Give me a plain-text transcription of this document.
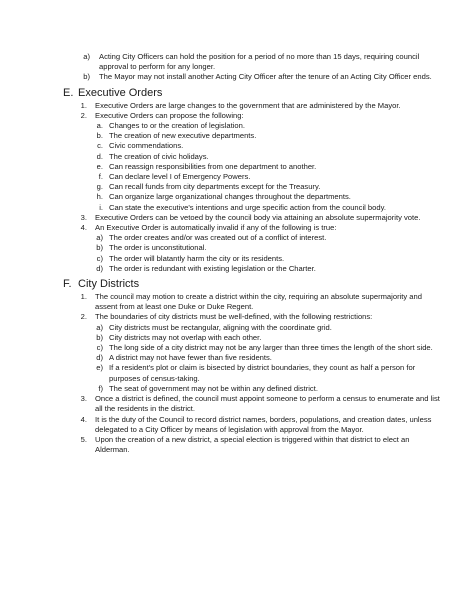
a) Acting City Officers can hold the position for a period of no more than 15 days, requiring council approval to perform for any longer.
b) The Mayor may not install another Acting City Officer after the tenure of an Acting City Officer ends.
E. Executive Orders
1. Executive Orders are large changes to the government that are administered by the Mayor.
2. Executive Orders can propose the following:
a. Changes to or the creation of legislation.
b. The creation of new executive departments.
c. Civic commendations.
d. The creation of civic holidays.
e. Can reassign responsibilities from one department to another.
f. Can declare level I of Emergency Powers.
g. Can recall funds from city departments except for the Treasury.
h. Can organize large organizational changes throughout the departments.
i. Can state the executive's intentions and urge specific action from the council body.
3. Executive Orders can be vetoed by the council body via attaining an absolute supermajority vote.
4. An Executive Order is automatically invalid if any of the following is true:
a) The order creates and/or was created out of a conflict of interest.
b) The order is unconstitutional.
c) The order will blatantly harm the city or its residents.
d) The order is redundant with existing legislation or the Charter.
F. City Districts
1. The council may motion to create a district within the city, requiring an absolute supermajority and assent from at least one Duke or Duke Regent.
2. The boundaries of city districts must be well-defined, with the following restrictions:
a) City districts must be rectangular, aligning with the coordinate grid.
b) City districts may not overlap with each other.
c) The long side of a city district may not be any larger than three times the length of the short side.
d) A district may not have fewer than five residents.
e) If a resident's plot or claim is bisected by district boundaries, they count as half a person for purposes of census-taking.
f) The seat of government may not be within any defined district.
3. Once a district is defined, the council must appoint someone to perform a census to enumerate and list all the residents in the district.
4. It is the duty of the Council to record district names, borders, populations, and creation dates, unless delegated to a City Officer by means of legislation with approval from the Mayor.
5. Upon the creation of a new district, a special election is triggered within that district to elect an Alderman.
